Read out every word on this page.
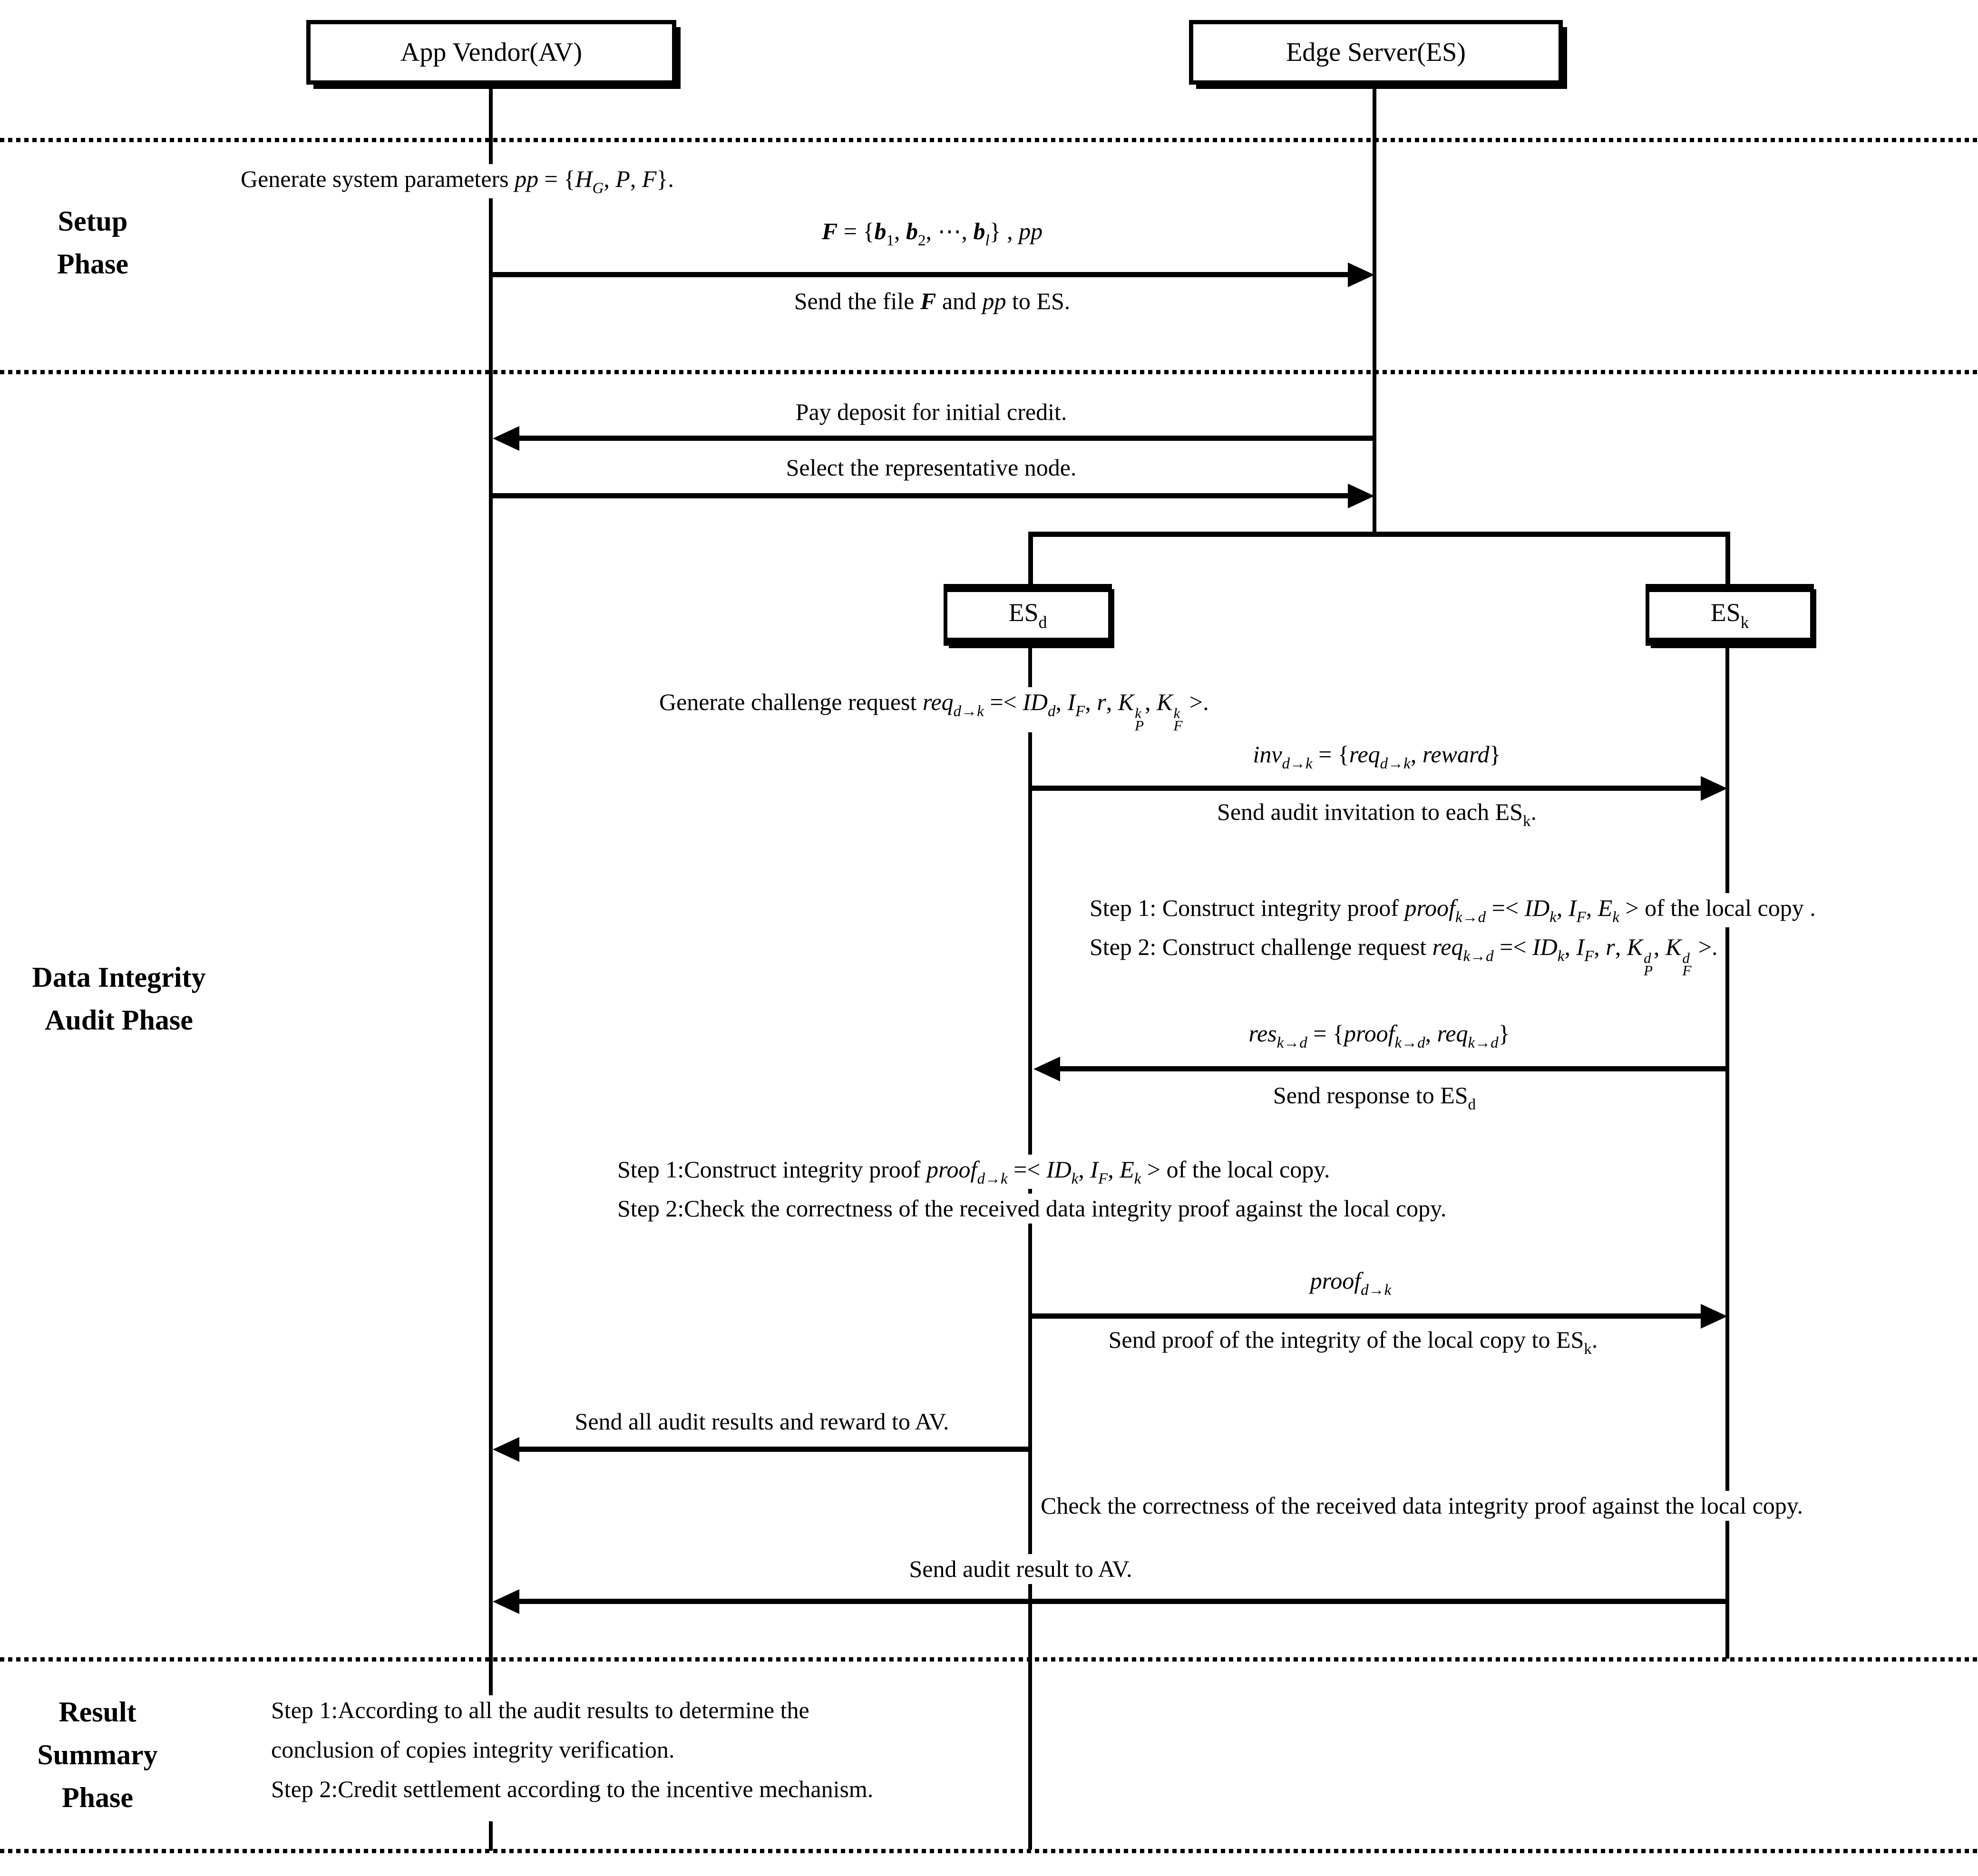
App Vendor(AV)	Edge Server(ES)
$ES_d$	$ES_k$
Setup
Phase
Data Integrity
Audit Phase
Result
Summary
Phase
Generate system parameters pp = {$H_G$, P, F}.
$F = \{b_1$, $b_2$, ⋯, $b_l$} , pp
Send the file F and pp to ES.
Pay deposit for initial credit.
Select the representative node.
Generate challenge request $req_{d\to k} =< ID_d$, $I_F$, r, K k
P
, K k
F
>.
inv$_{d\to k}$ = {req$_{d\to k}$, reward}
Send audit invitation to each $ES_k$.
Step 1: Construct integrity proof proof$_{k\to d}$ =< $ID_k$, $I_F$, $E_k$ > of the local copy .
Step 2: Construct challenge request $req_{k\to d} =< ID_k$, $I_F$, r, K d
P
, K d
F
>.
res$_{k\to d}$ = {proof$_{k\to d}$, req$_{k\to d}$}
Send response to $ES_d$
Step 1:Construct integrity proof proof$_{d\to k}$ =< $ID_k$, $I_F$, $E_k$ > of the local copy.
Step 2:Check the correctness of the received data integrity proof against the local copy.
proof$_{d\to k}$
Send proof of the integrity of the local copy to $ES_k$.
Send all audit results and reward to AV.
Check the correctness of the received data integrity proof against the local copy.
Send audit result to AV.
Step 1:According to all the audit results to determine the
conclusion of copies integrity verification.
Step 2:Credit settlement according to the incentive mechanism.
